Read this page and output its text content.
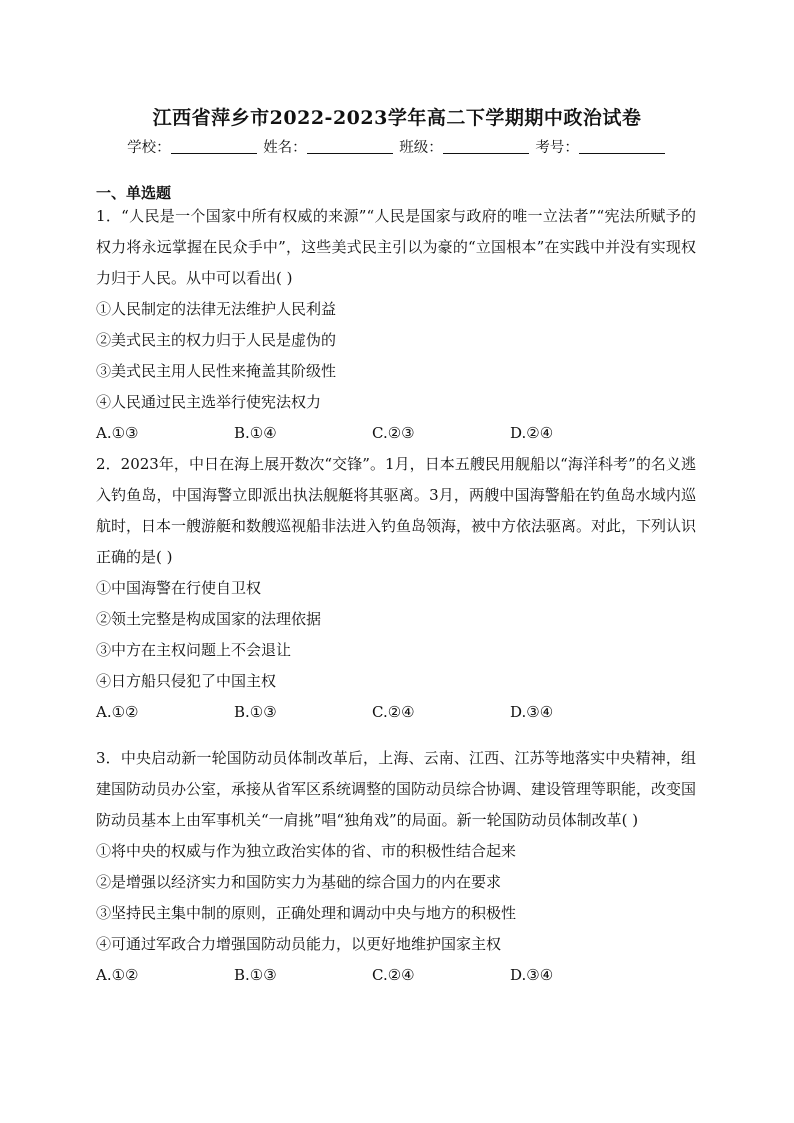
江西省萍乡市2022-2023学年高二下学期期中政治试卷
学校：	姓名：	班级：	考号：
一、单选题
1．“人民是一个国家中所有权威的来源”“人民是国家与政府的唯一立法者”“宪法所赋予的权力将永远掌握在民众手中”，这些美式民主引以为豪的“立国根本”在实践中并没有实现权力归于人民。从中可以看出( )
①人民制定的法律无法维护人民利益
②美式民主的权力归于人民是虚伪的
③美式民主用人民性来掩盖其阶级性
④人民通过民主选举行使宪法权力
A.①③	B.①④	C.②③	D.②④
2．2023年，中日在海上展开数次“交锋”。1月，日本五艘民用舰船以“海洋科考”的名义逃入钓鱼岛，中国海警立即派出执法舰艇将其驱离。3月，两艘中国海警船在钓鱼岛水域内巡航时，日本一艘游艇和数艘巡视船非法进入钓鱼岛领海，被中方依法驱离。对此，下列认识正确的是( )
①中国海警在行使自卫权
②领土完整是构成国家的法理依据
③中方在主权问题上不会退让
④日方船只侵犯了中国主权
A.①②	B.①③	C.②④	D.③④
3．中央启动新一轮国防动员体制改革后，上海、云南、江西、江苏等地落实中央精神，组建国防动员办公室，承接从省军区系统调整的国防动员综合协调、建设管理等职能，改变国防动员基本上由军事机关“一肩挑”唱“独角戏”的局面。新一轮国防动员体制改革( )
①将中央的权威与作为独立政治实体的省、市的积极性结合起来
②是增强以经济实力和国防实力为基础的综合国力的内在要求
③坚持民主集中制的原则，正确处理和调动中央与地方的积极性
④可通过军政合力增强国防动员能力，以更好地维护国家主权
A.①②	B.①③	C.②④	D.③④
